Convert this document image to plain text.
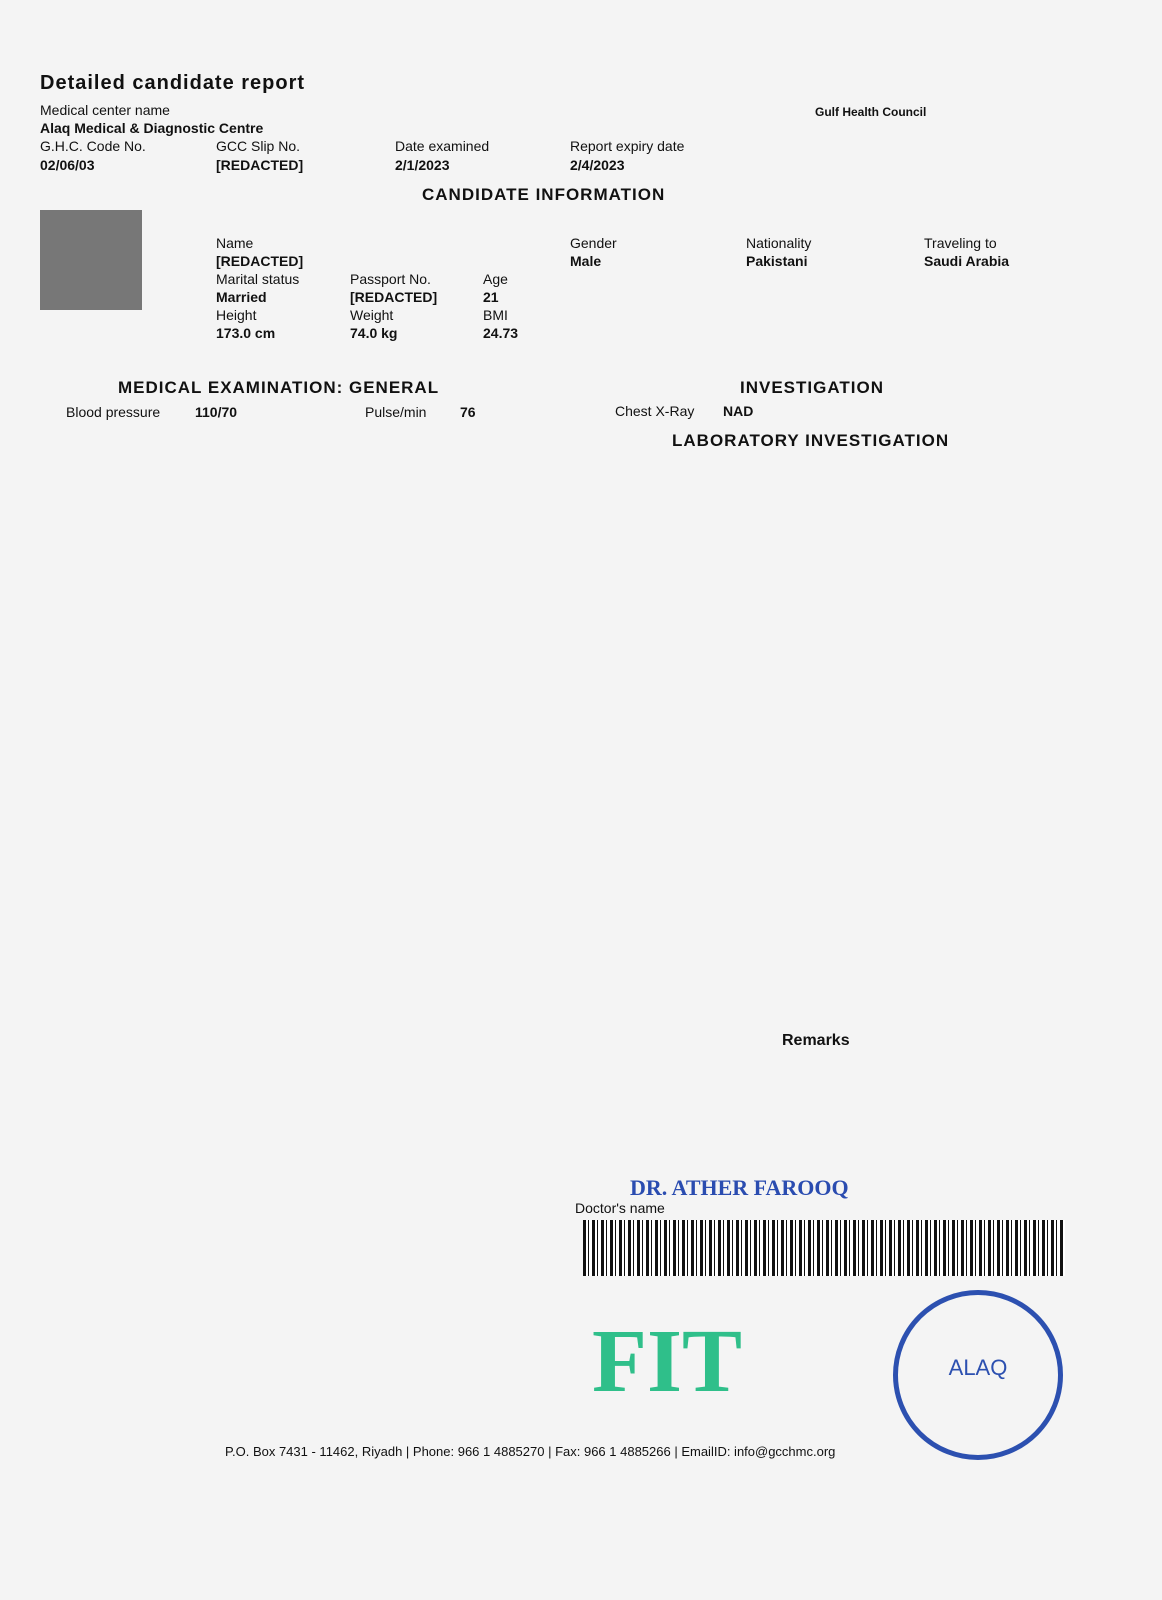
Detailed candidate report
Medical center name
Alaq Medical & Diagnostic Centre
G.H.C. Code No.
02/06/03
GCC Slip No.
[REDACTED]
Date examined
2/1/2023
Report expiry date
2/4/2023
Gulf Health Council
CANDIDATE INFORMATION
Name
[REDACTED]
Gender
Male
Nationality
Pakistani
Traveling to
Saudi Arabia
Marital status
Married
Passport No.
[REDACTED]
Age
21
Height
173.0 cm
Weight
74.0 kg
BMI
24.73
MEDICAL EXAMINATION: GENERAL
Blood pressure 110/70	Pulse/min 76
INVESTIGATION
Chest X-Ray NAD
LABORATORY INVESTIGATION
Remarks
DR. ATHER FAROOQ
Doctor's name
FIT	ALAQ
P.O. Box 7431 - 11462, Riyadh | Phone: 966 1 4885270 | Fax: 966 1 4885266 | EmailID: info@gcchmc.org
